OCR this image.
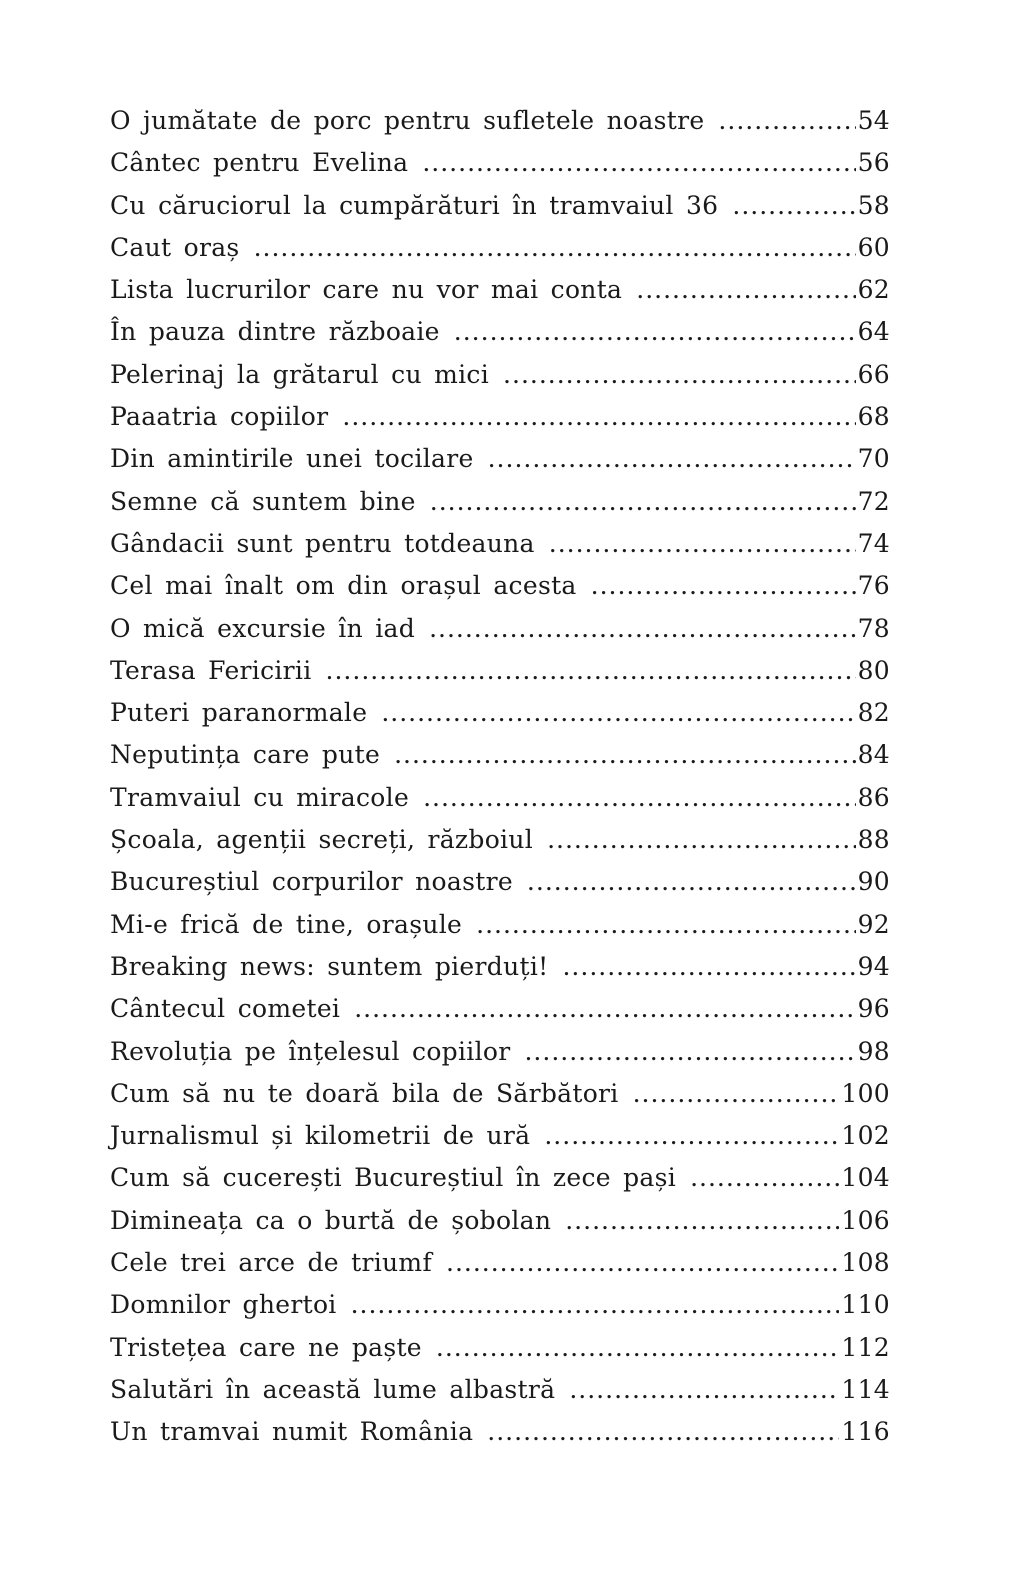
O jumătate de porc pentru sufletele noastre .....	54
Cântec pentru Evelina .....	56
Cu căruciorul la cumpărături în tramvaiul 36 .....	58
Caut oraș .....	60
Lista lucrurilor care nu vor mai conta .....	62
În pauza dintre războaie .....	64
Pelerinaj la grătarul cu mici .....	66
Paaatria copiilor .....	68
Din amintirile unei tocilare .....	70
Semne că suntem bine .....	72
Gândacii sunt pentru totdeauna .....	74
Cel mai înalt om din orașul acesta .....	76
O mică excursie în iad .....	78
Terasa Fericirii .....	80
Puteri paranormale .....	82
Neputința care pute .....	84
Tramvaiul cu miracole .....	86
Școala, agenții secreți, războiul .....	88
Bucureștiul corpurilor noastre .....	90
Mi-e frică de tine, orașule .....	92
Breaking news: suntem pierduți! .....	94
Cântecul cometei .....	96
Revoluția pe înțelesul copiilor .....	98
Cum să nu te doară bila de Sărbători .....	100
Jurnalismul și kilometrii de ură .....	102
Cum să cucerești Bucureștiul în zece pași .....	104
Dimineața ca o burtă de șobolan .....	106
Cele trei arce de triumf .....	108
Domnilor ghertoi .....	110
Tristețea care ne paște .....	112
Salutări în această lume albastră .....	114
Un tramvai numit România .....	116
